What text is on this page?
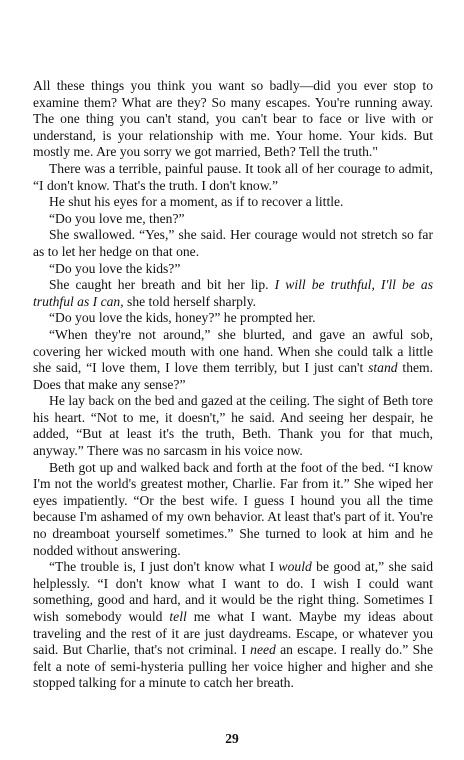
All these things you think you want so badly—did you ever stop to examine them? What are they? So many escapes. You're running away. The one thing you can't stand, you can't bear to face or live with or understand, is your relationship with me. Your home. Your kids. But mostly me. Are you sorry we got married, Beth? Tell the truth."

There was a terrible, painful pause. It took all of her courage to admit, “I don't know. That's the truth. I don't know.”

He shut his eyes for a moment, as if to recover a little.

“Do you love me, then?”

She swallowed. “Yes,” she said. Her courage would not stretch so far as to let her hedge on that one.

“Do you love the kids?”

She caught her breath and bit her lip. I will be truthful, I'll be as truthful as I can, she told herself sharply.

“Do you love the kids, honey?” he prompted her.

“When they're not around,” she blurted, and gave an awful sob, covering her wicked mouth with one hand. When she could talk a little she said, “I love them, I love them terribly, but I just can't stand them. Does that make any sense?”

He lay back on the bed and gazed at the ceiling. The sight of Beth tore his heart. “Not to me, it doesn't,” he said. And seeing her despair, he added, “But at least it's the truth, Beth. Thank you for that much, anyway.” There was no sarcasm in his voice now.

Beth got up and walked back and forth at the foot of the bed. “I know I'm not the world's greatest mother, Charlie. Far from it.” She wiped her eyes impatiently. “Or the best wife. I guess I hound you all the time because I'm ashamed of my own behavior. At least that's part of it. You're no dreamboat yourself sometimes.” She turned to look at him and he nodded without answering.

“The trouble is, I just don't know what I would be good at,” she said helplessly. “I don't know what I want to do. I wish I could want something, good and hard, and it would be the right thing. Sometimes I wish somebody would tell me what I want. Maybe my ideas about traveling and the rest of it are just daydreams. Escape, or whatever you said. But Charlie, that's not criminal. I need an escape. I really do.” She felt a note of semi-hysteria pulling her voice higher and higher and she stopped talking for a minute to catch her breath.

29
